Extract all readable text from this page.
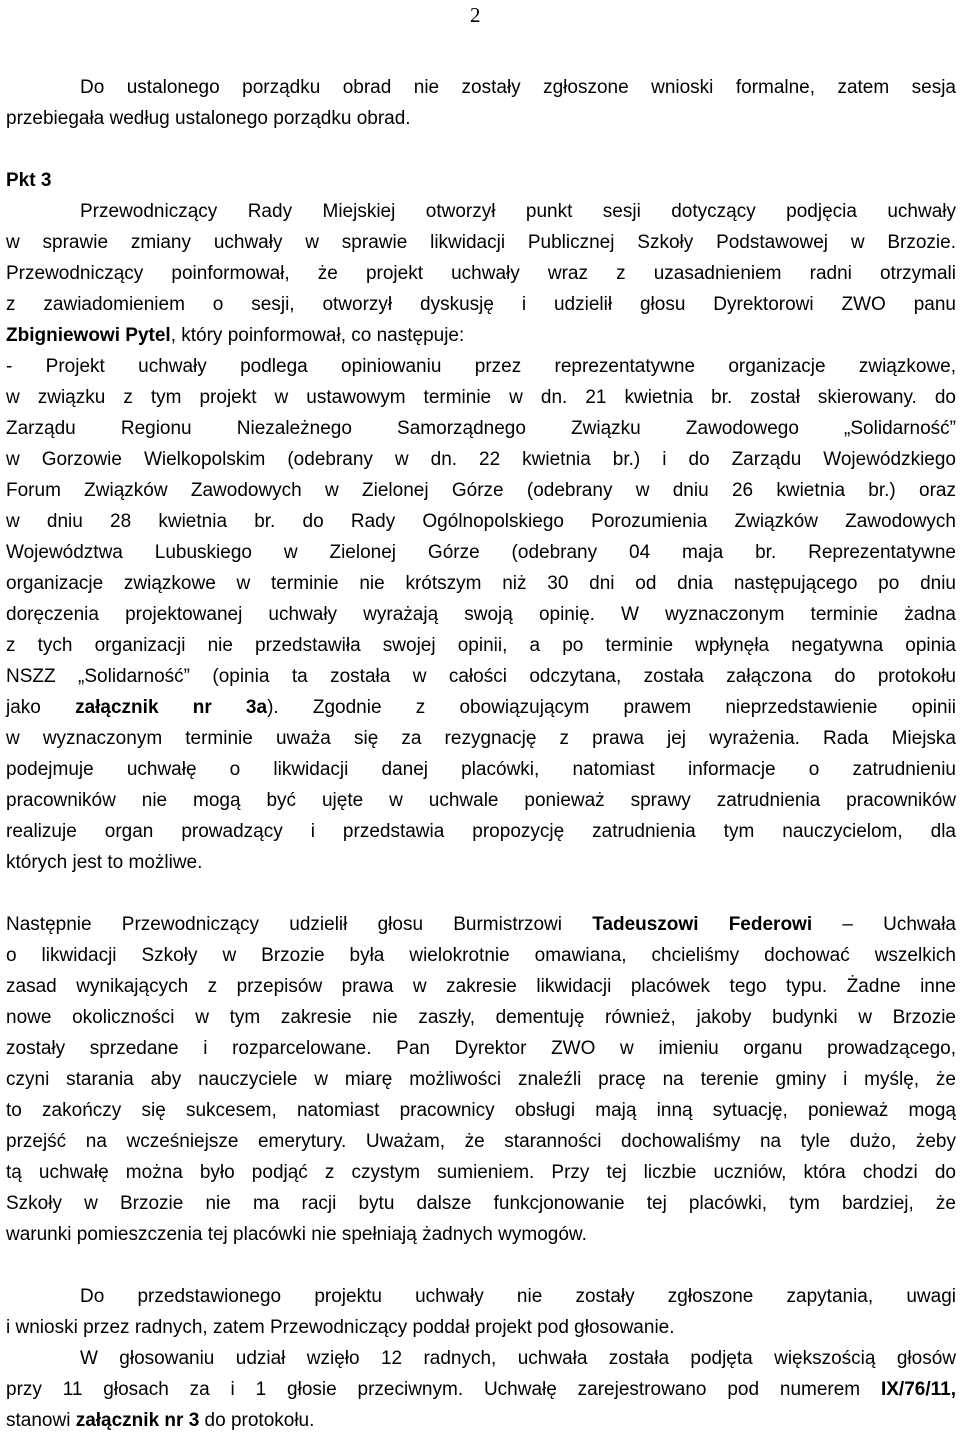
2
Do ustalonego porządku obrad nie zostały zgłoszone wnioski formalne, zatem sesja
przebiegała według ustalonego porządku obrad.
Pkt 3
Przewodniczący Rady Miejskiej otworzył punkt sesji dotyczący podjęcia uchwały
w sprawie zmiany uchwały w sprawie likwidacji Publicznej Szkoły Podstawowej w Brzozie.
Przewodniczący poinformował, że projekt uchwały wraz z uzasadnieniem radni otrzymali
z zawiadomieniem o sesji, otworzył dyskusję i udzielił głosu Dyrektorowi ZWO panu
Zbigniewowi Pytel, który poinformował, co następuje:
- Projekt uchwały podlega opiniowaniu przez reprezentatywne organizacje związkowe,
w związku z tym projekt w ustawowym terminie w dn. 21 kwietnia br. został skierowany. do
Zarządu Regionu Niezależnego Samorządnego Związku Zawodowego „Solidarność”
w Gorzowie Wielkopolskim (odebrany w dn. 22 kwietnia br.) i do Zarządu Wojewódzkiego
Forum Związków Zawodowych w Zielonej Górze (odebrany w dniu 26 kwietnia br.) oraz
w dniu 28 kwietnia br. do Rady Ogólnopolskiego Porozumienia Związków Zawodowych
Województwa Lubuskiego w Zielonej Górze (odebrany 04 maja br. Reprezentatywne
organizacje związkowe w terminie nie krótszym niż 30 dni od dnia następującego po dniu
doręczenia projektowanej uchwały wyrażają swoją opinię. W wyznaczonym terminie żadna
z tych organizacji nie przedstawiła swojej opinii, a po terminie wpłynęła negatywna opinia
NSZZ „Solidarność” (opinia ta została w całości odczytana, została załączona do protokołu
jako załącznik nr 3a). Zgodnie z obowiązującym prawem nieprzedstawienie opinii
w wyznaczonym terminie uważa się za rezygnację z prawa jej wyrażenia. Rada Miejska
podejmuje uchwałę o likwidacji danej placówki, natomiast informacje o zatrudnieniu
pracowników nie mogą być ujęte w uchwale ponieważ sprawy zatrudnienia pracowników
realizuje organ prowadzący i przedstawia propozycję zatrudnienia tym nauczycielom, dla
których jest to możliwe.
Następnie Przewodniczący udzielił głosu Burmistrzowi Tadeuszowi Federowi – Uchwała
o likwidacji Szkoły w Brzozie była wielokrotnie omawiana, chcieliśmy dochować wszelkich
zasad wynikających z przepisów prawa w zakresie likwidacji placówek tego typu. Żadne inne
nowe okoliczności w tym zakresie nie zaszły, dementuję również, jakoby budynki w Brzozie
zostały sprzedane i rozparcelowane. Pan Dyrektor ZWO w imieniu organu prowadzącego,
czyni starania aby nauczyciele w miarę możliwości znaleźli pracę na terenie gminy i myślę, że
to zakończy się sukcesem, natomiast pracownicy obsługi mają inną sytuację, ponieważ mogą
przejść na wcześniejsze emerytury. Uważam, że staranności dochowaliśmy na tyle dużo, żeby
tą uchwałę można było podjąć z czystym sumieniem. Przy tej liczbie uczniów, która chodzi do
Szkoły w Brzozie nie ma racji bytu dalsze funkcjonowanie tej placówki, tym bardziej, że
warunki pomieszczenia tej placówki nie spełniają żadnych wymogów.
Do przedstawionego projektu uchwały nie zostały zgłoszone zapytania, uwagi
i wnioski przez radnych, zatem Przewodniczący poddał projekt pod głosowanie.
W głosowaniu udział wzięło 12 radnych, uchwała została podjęta większością głosów
przy 11 głosach za i 1 głosie przeciwnym. Uchwałę zarejestrowano pod numerem IX/76/11,
stanowi załącznik nr 3 do protokołu.
